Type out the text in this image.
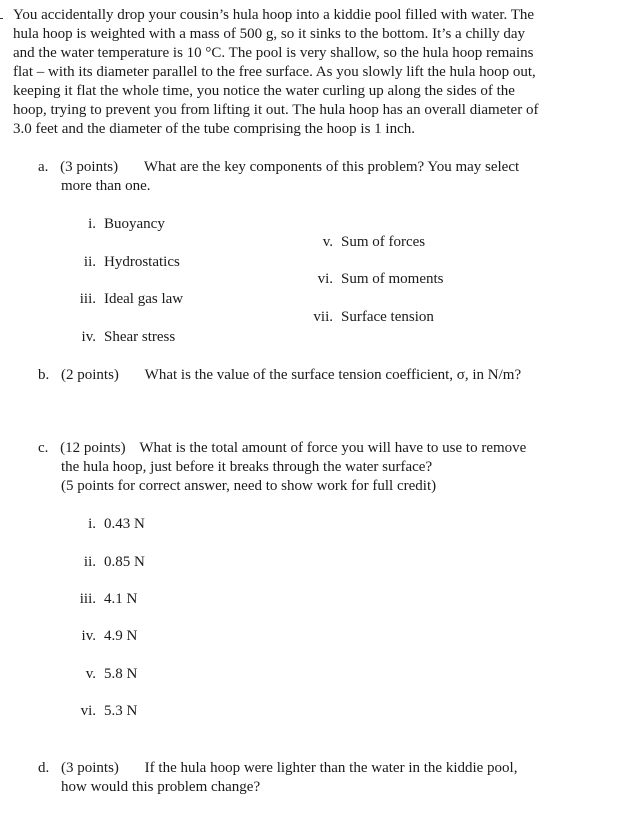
You accidentally drop your cousin’s hula hoop into a kiddie pool filled with water. The
hula hoop is weighted with a mass of 500 g, so it sinks to the bottom. It’s a chilly day
and the water temperature is 10 °C. The pool is very shallow, so the hula hoop remains
flat – with its diameter parallel to the free surface. As you slowly lift the hula hoop out,
keeping it flat the whole time, you notice the water curling up along the sides of the
hoop, trying to prevent you from lifting it out. The hula hoop has an overall diameter of
3.0 feet and the diameter of the tube comprising the hoop is 1 inch.
a. (3 points) What are the key components of this problem? You may select
more than one.
i. Buoyancy
ii. Hydrostatics
iii. Ideal gas law
iv. Shear stress
v. Sum of forces
vi. Sum of moments
vii. Surface tension
b. (2 points) What is the value of the surface tension coefficient, σ, in N/m?
c. (12 points) What is the total amount of force you will have to use to remove
the hula hoop, just before it breaks through the water surface?
(5 points for correct answer, need to show work for full credit)
i. 0.43 N
ii. 0.85 N
iii. 4.1 N
iv. 4.9 N
v. 5.8 N
vi. 5.3 N
d. (3 points) If the hula hoop were lighter than the water in the kiddie pool,
how would this problem change?
